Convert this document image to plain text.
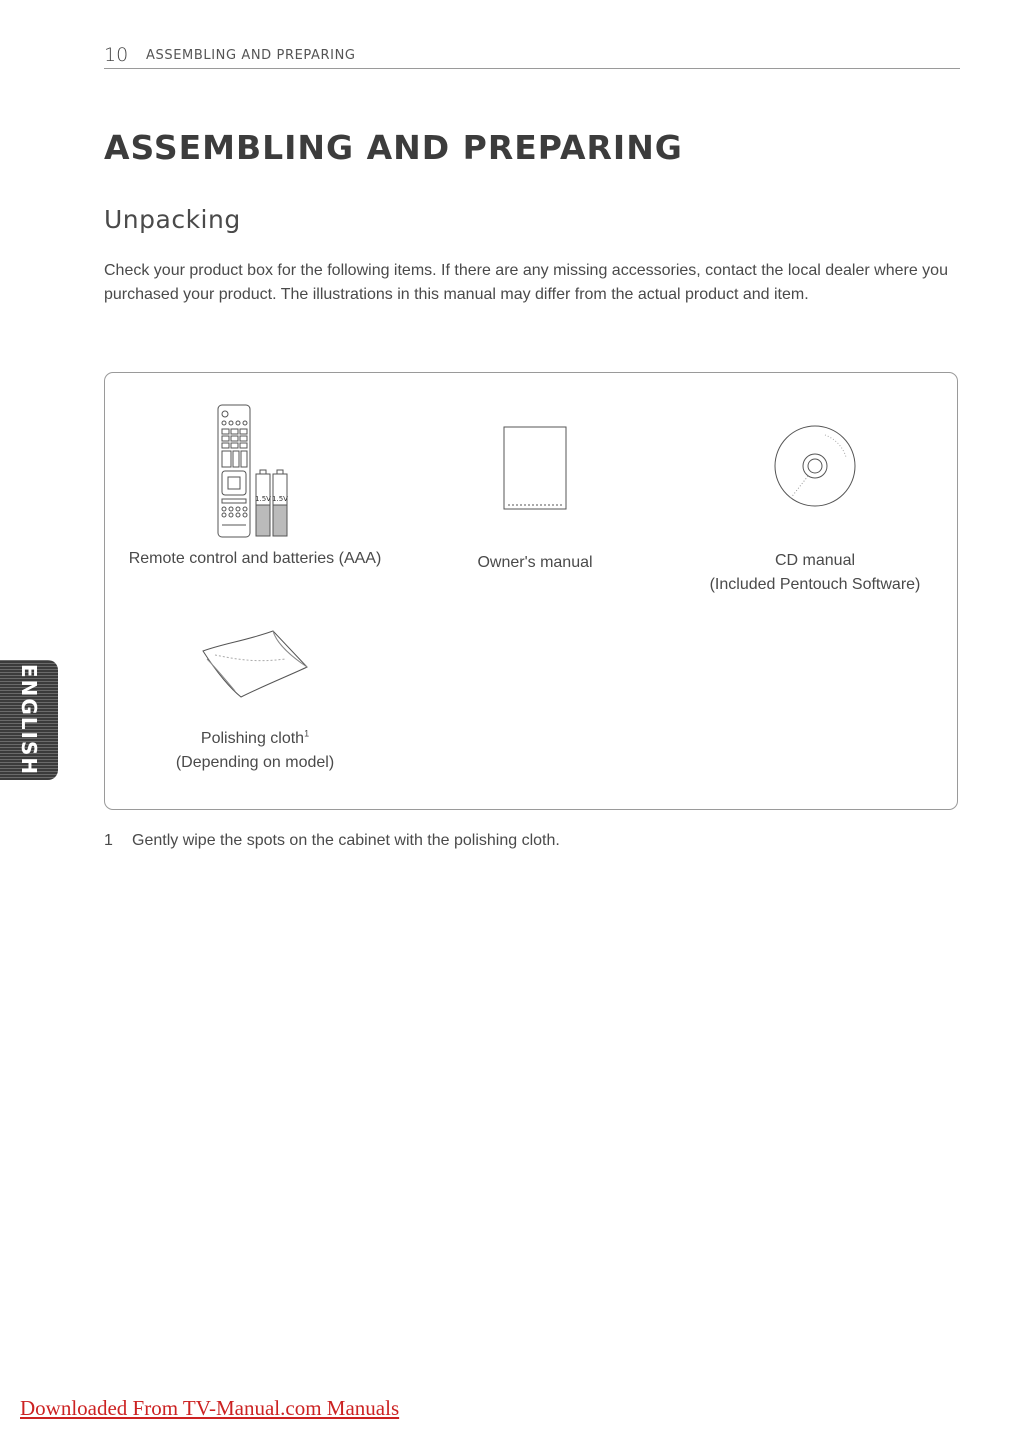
10 ASSEMBLING AND PREPARING
ASSEMBLING AND PREPARING
Unpacking

Check your product box for the following items. If there are any missing accessories, contact the local dealer where you purchased your product. The illustrations in this manual may differ from the actual product and item.

1.5V 1.5V
Remote control and batteries (AAA)	Owner's manual	CD manual
(Included Pentouch Software)
Polishing cloth$^1$
(Depending on model)
1 Gently wipe the spots on the cabinet with the polishing cloth.
ENGLISH
Downloaded From TV-Manual.com Manuals
